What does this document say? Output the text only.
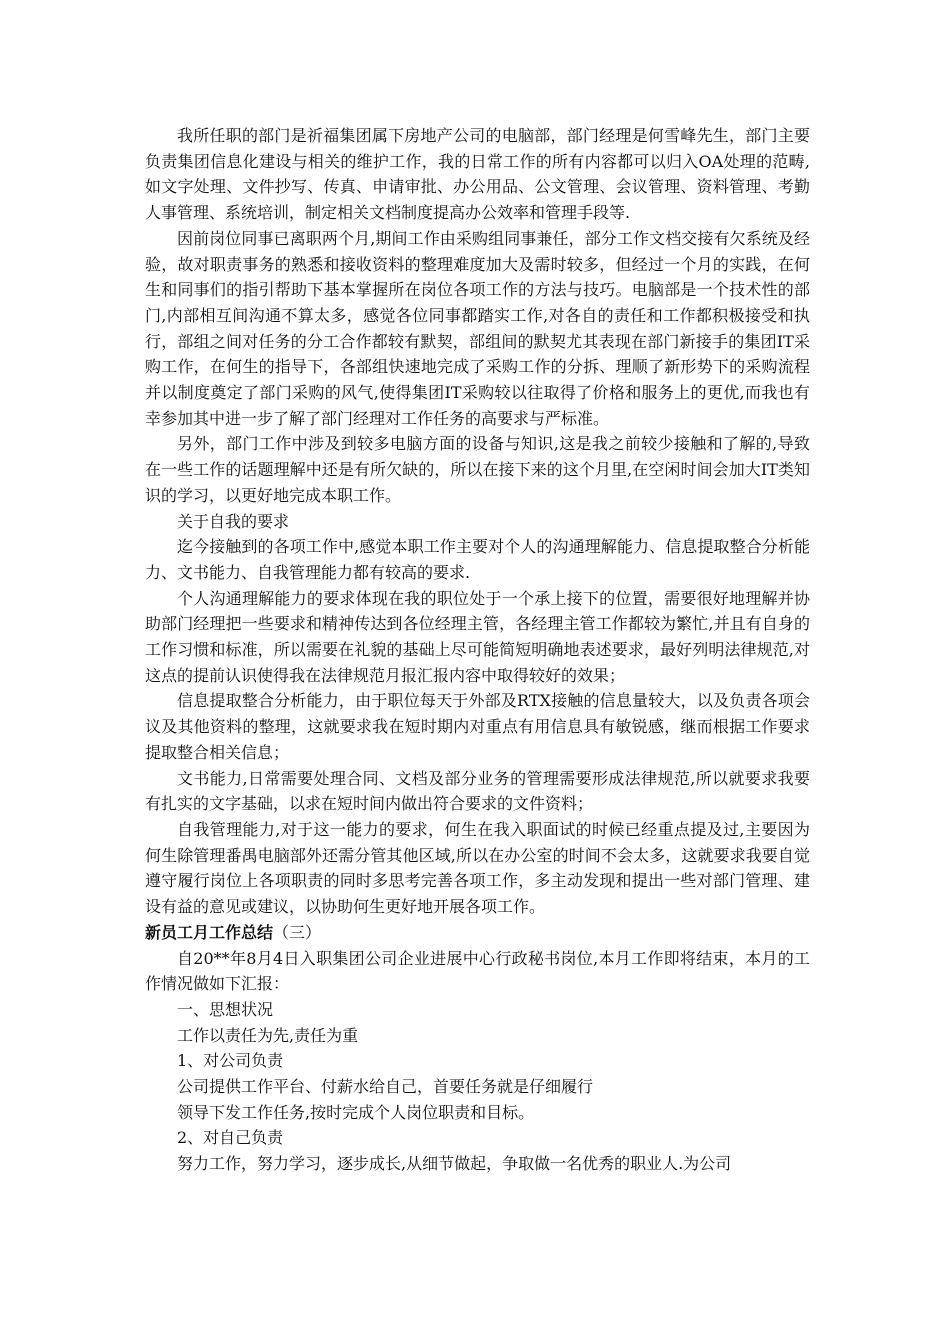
我所任职的部门是祈福集团属下房地产公司的电脑部，部门经理是何雪峰先生，部门主要负责集团信息化建设与相关的维护工作，我的日常工作的所有内容都可以归入OA处理的范畴,如文字处理、文件抄写、传真、申请审批、办公用品、公文管理、会议管理、资料管理、考勤人事管理、系统培训，制定相关文档制度提高办公效率和管理手段等.

因前岗位同事已离职两个月,期间工作由采购组同事兼任，部分工作文档交接有欠系统及经验，故对职责事务的熟悉和接收资料的整理难度加大及需时较多，但经过一个月的实践，在何生和同事们的指引帮助下基本掌握所在岗位各项工作的方法与技巧。电脑部是一个技术性的部门,内部相互间沟通不算太多，感觉各位同事都踏实工作,对各自的责任和工作都积极接受和执行，部组之间对任务的分工合作都较有默契，部组间的默契尤其表现在部门新接手的集团IT采购工作，在何生的指导下，各部组快速地完成了采购工作的分拆、理顺了新形势下的采购流程并以制度奠定了部门采购的风气,使得集团IT采购较以往取得了价格和服务上的更优,而我也有幸参加其中进一步了解了部门经理对工作任务的高要求与严标准。

另外，部门工作中涉及到较多电脑方面的设备与知识,这是我之前较少接触和了解的,导致在一些工作的话题理解中还是有所欠缺的，所以在接下来的这个月里,在空闲时间会加大IT类知识的学习，以更好地完成本职工作。

关于自我的要求

迄今接触到的各项工作中,感觉本职工作主要对个人的沟通理解能力、信息提取整合分析能力、文书能力、自我管理能力都有较高的要求.

个人沟通理解能力的要求体现在我的职位处于一个承上接下的位置，需要很好地理解并协助部门经理把一些要求和精神传达到各位经理主管，各经理主管工作都较为繁忙,并且有自身的工作习惯和标准，所以需要在礼貌的基础上尽可能简短明确地表述要求，最好列明法律规范,对这点的提前认识使得我在法律规范月报汇报内容中取得较好的效果；

信息提取整合分析能力，由于职位每天于外部及RTX接触的信息量较大，以及负责各项会议及其他资料的整理，这就要求我在短时期内对重点有用信息具有敏锐感，继而根据工作要求提取整合相关信息；

文书能力,日常需要处理合同、文档及部分业务的管理需要形成法律规范,所以就要求我要有扎实的文字基础，以求在短时间内做出符合要求的文件资料；

自我管理能力,对于这一能力的要求，何生在我入职面试的时候已经重点提及过,主要因为何生除管理番禺电脑部外还需分管其他区域,所以在办公室的时间不会太多，这就要求我要自觉遵守履行岗位上各项职责的同时多思考完善各项工作，多主动发现和提出一些对部门管理、建设有益的意见或建议，以协助何生更好地开展各项工作。

新员工月工作总结（三）

自20**年8月4日入职集团公司企业进展中心行政秘书岗位,本月工作即将结束，本月的工作情况做如下汇报：

一、思想状况

工作以责任为先,责任为重

1、对公司负责

公司提供工作平台、付薪水给自己，首要任务就是仔细履行

领导下发工作任务,按时完成个人岗位职责和目标。

2、对自己负责

努力工作，努力学习，逐步成长,从细节做起，争取做一名优秀的职业人.为公司
